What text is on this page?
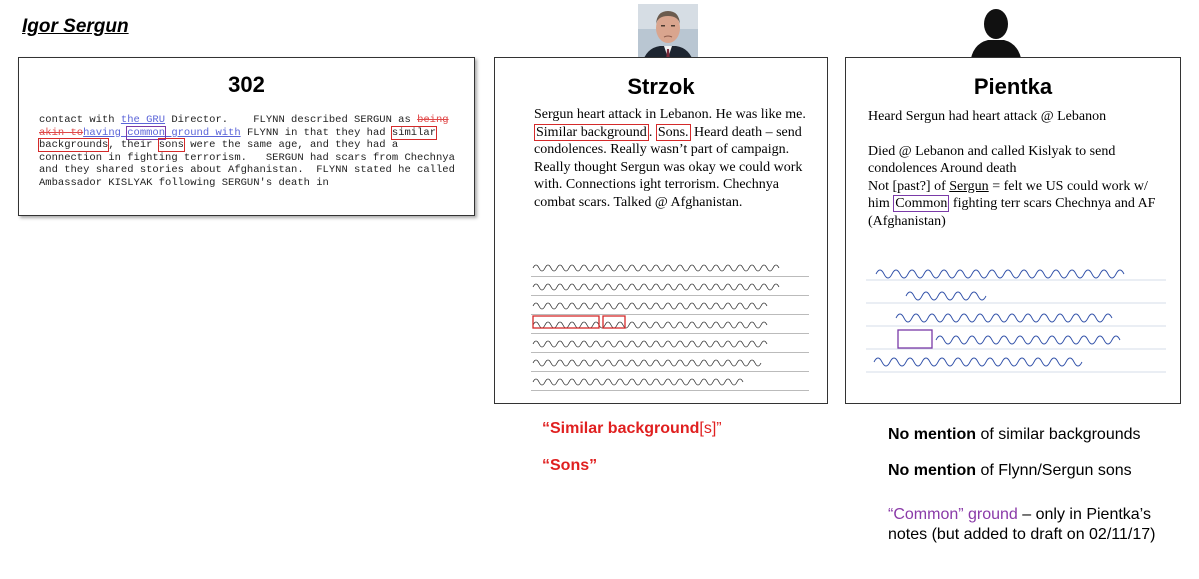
Igor Sergun
302
contact with the GRU Director.    FLYNN described SERGUN as being
akin tohaving common ground with FLYNN in that they had similar
backgrounds, their sons were the same age, and they had a
connection in fighting terrorism.   SERGUN had scars from Chechnya
and they shared stories about Afghanistan.  FLYNN stated he called
Ambassador KISLYAK following SERGUN's death in
Strzok
Sergun heart attack in Lebanon. He was like me. Similar background . Sons. Heard death – send condolences. Really wasn’t part of campaign. Really thought Sergun was okay we could work with. Connections ight terrorism. Chechnya combat scars. Talked @ Afghanistan.
Pientka
Heard Sergun had heart attack @ Lebanon
Died @ Lebanon and called Kislyak to send condolences Around death
Not [past?] of Sergun = felt we US could work w/ him Common fighting terr scars Chechnya and AF (Afghanistan)
“Similar background[s]”
“Sons”
No mention of similar backgrounds
No mention of Flynn/Sergun sons
“Common” ground – only in Pientka’s notes (but added to draft on 02/11/17)
